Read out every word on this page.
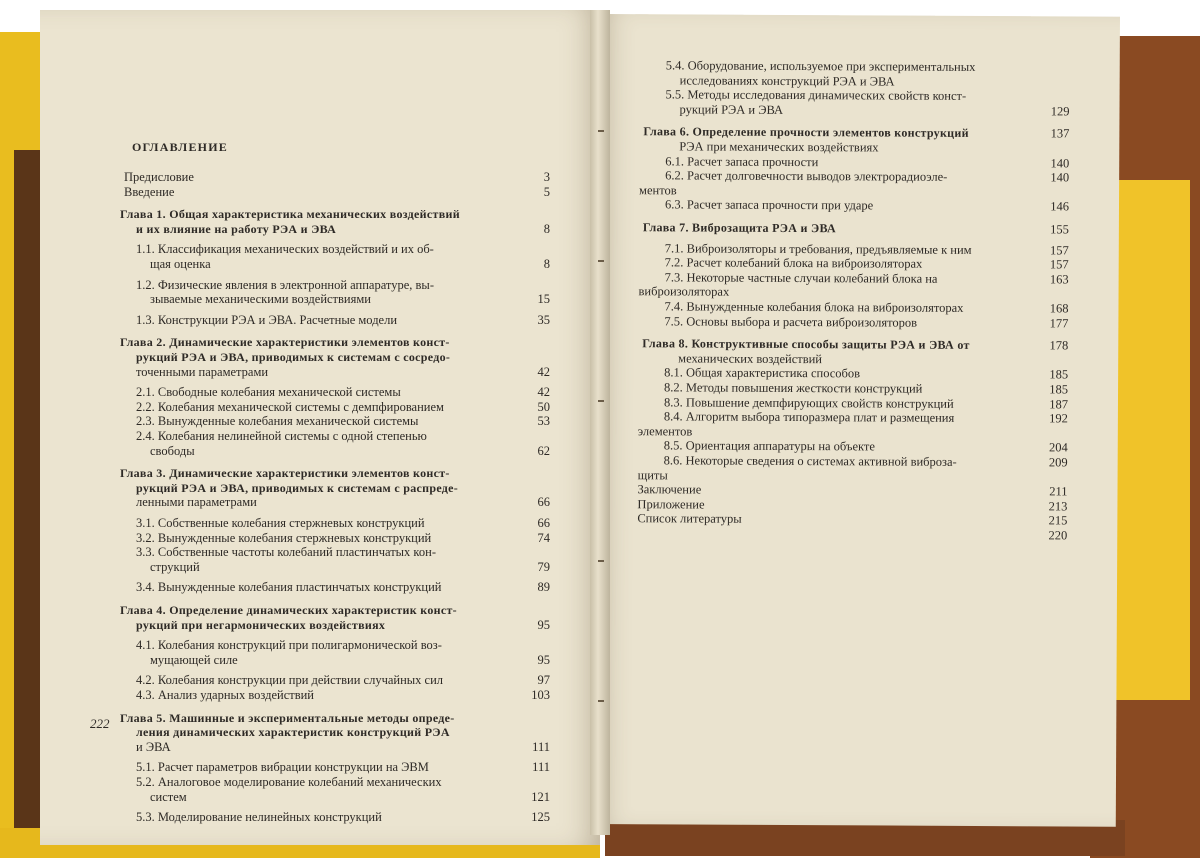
ОГЛАВЛЕНИЕ
Предисловие	3
Введение	5
Глава 1. Общая характеристика механических воздействий
и их влияние на работу РЭА и ЭВА	8
1.1. Классификация механических воздействий и их об-
щая оценка	8
1.2. Физические явления в электронной аппаратуре, вы-
зываемые механическими воздействиями	15
1.3. Конструкции РЭА и ЭВА. Расчетные модели	35
Глава 2. Динамические характеристики элементов конст-
рукций РЭА и ЭВА, приводимых к системам с сосредо-
точенными параметрами	42
2.1. Свободные колебания механической системы	42
2.2. Колебания механической системы с демпфированием	50
2.3. Вынужденные колебания механической системы	53
2.4. Колебания нелинейной системы с одной степенью
свободы	62
Глава 3. Динамические характеристики элементов конст-
рукций РЭА и ЭВА, приводимых к системам с распреде-
ленными параметрами	66
3.1. Собственные колебания стержневых конструкций	66
3.2. Вынужденные колебания стержневых конструкций	74
3.3. Собственные частоты колебаний пластинчатых кон-
струкций	79
3.4. Вынужденные колебания пластинчатых конструкций	89
Глава 4. Определение динамических характеристик конст-
рукций при негармонических воздействиях	95
4.1. Колебания конструкций при полигармонической воз-
мущающей силе	95
4.2. Колебания конструкции при действии случайных сил	97
4.3. Анализ ударных воздействий	103
Глава 5. Машинные и экспериментальные методы опреде-
ления динамических характеристик конструкций РЭА
и ЭВА	111
5.1. Расчет параметров вибрации конструкции на ЭВМ	111
5.2. Аналоговое моделирование колебаний механических
систем	121
5.3. Моделирование нелинейных конструкций	125
222
5.4. Оборудование, используемое при экспериментальных
исследованиях конструкций РЭА и ЭВА
5.5. Методы исследования динамических свойств конст-
рукций РЭА и ЭВА	129
Глава 6. Определение прочности элементов конструкций	137
РЭА при механических воздействиях
6.1. Расчет запаса прочности	140
6.2. Расчет долговечности выводов электрорадиоэле-	140
ментов
6.3. Расчет запаса прочности при ударе	146
Глава 7. Виброзащита РЭА и ЭВА	155
7.1. Виброизоляторы и требования, предъявляемые к ним	157
7.2. Расчет колебаний блока на виброизоляторах	157
7.3. Некоторые частные случаи колебаний блока на	163
виброизоляторах
7.4. Вынужденные колебания блока на виброизоляторах	168
7.5. Основы выбора и расчета виброизоляторов	177
Глава 8. Конструктивные способы защиты РЭА и ЭВА от	178
механических воздействий
8.1. Общая характеристика способов	185
8.2. Методы повышения жесткости конструкций	185
8.3. Повышение демпфирующих свойств конструкций	187
8.4. Алгоритм выбора типоразмера плат и размещения	192
элементов
8.5. Ориентация аппаратуры на объекте	204
8.6. Некоторые сведения о системах активной виброза-	209
щиты
Заключение	211
Приложение	213
Список литературы	215
220
